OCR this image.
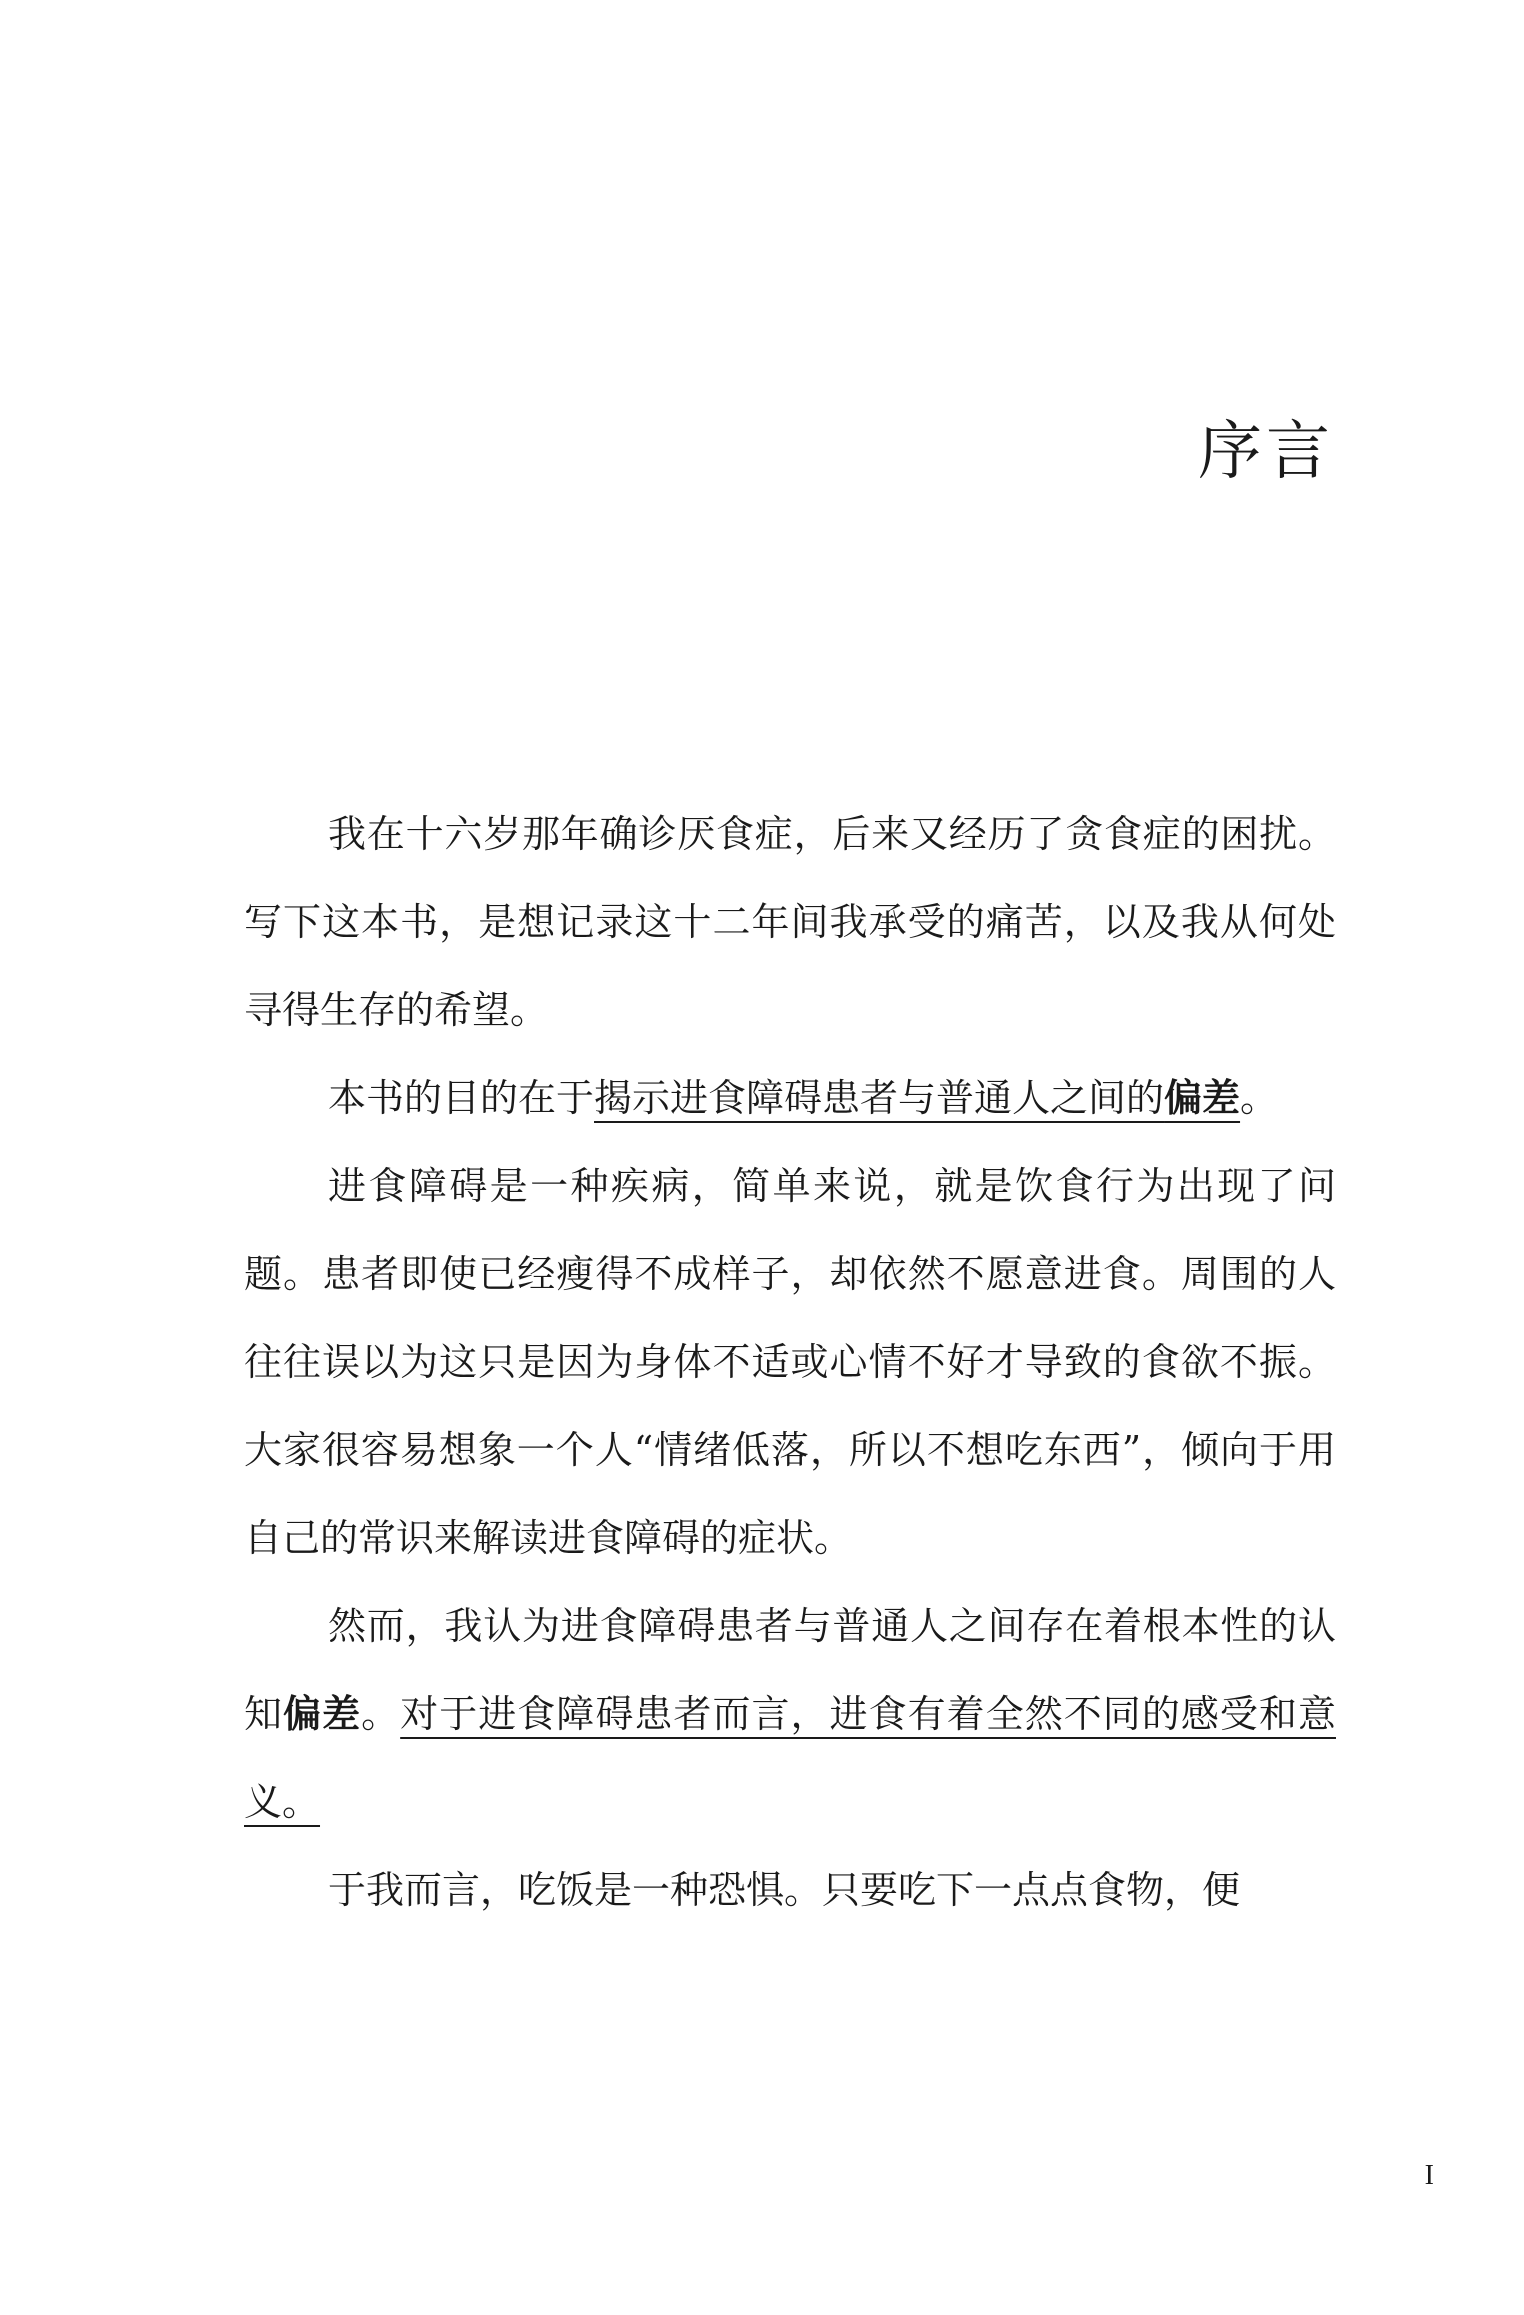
序言

我在十六岁那年确诊厌食症，后来又经历了贪食症的困扰。写下这本书，是想记录这十二年间我承受的痛苦，以及我从何处寻得生存的希望。

本书的目的在于揭示进食障碍患者与普通人之间的偏差。

进食障碍是一种疾病，简单来说，就是饮食行为出现了问题。患者即使已经瘦得不成样子，却依然不愿意进食。周围的人往往误以为这只是因为身体不适或心情不好才导致的食欲不振。大家很容易想象一个人“情绪低落，所以不想吃东西”，倾向于用自己的常识来解读进食障碍的症状。

然而，我认为进食障碍患者与普通人之间存在着根本性的认知偏差。对于进食障碍患者而言，进食有着全然不同的感受和意义。

于我而言，吃饭是一种恐惧。只要吃下一点点食物，便

I
